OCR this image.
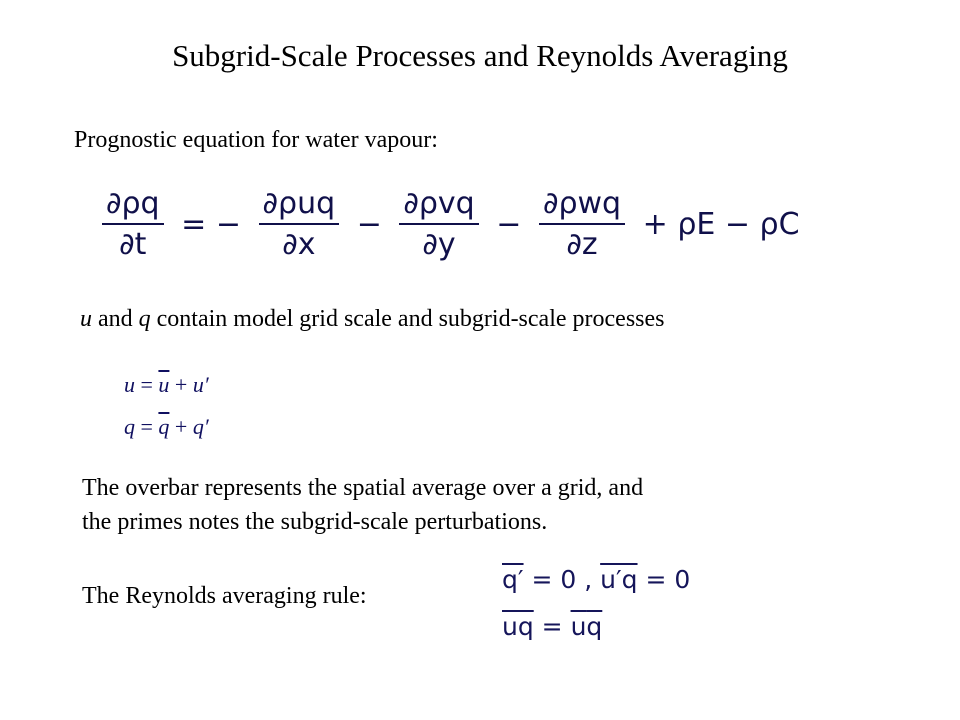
Subgrid-Scale Processes and Reynolds Averaging
Prognostic equation for water vapour:
$\frac{\partial\rho q}{\partial t}$ = − $\frac{\text{∂ρuq}}{\partial x} - \frac{\text{∂ρvq}}{\partial y} - \frac{\text{∂ρwq}}{\partial z} + \rho E - \rho C$
u and q contain model grid scale and subgrid-scale processes
$u = \overline{u} + u'$
$q = \overline{q} + q'$
The overbar represents the spatial average over a grid, and
the primes notes the subgrid-scale perturbations.
The Reynolds averaging rule:
q′ = 0 , u′q = 0
$\overline{uq} = \overline{u}\overline{q}$
